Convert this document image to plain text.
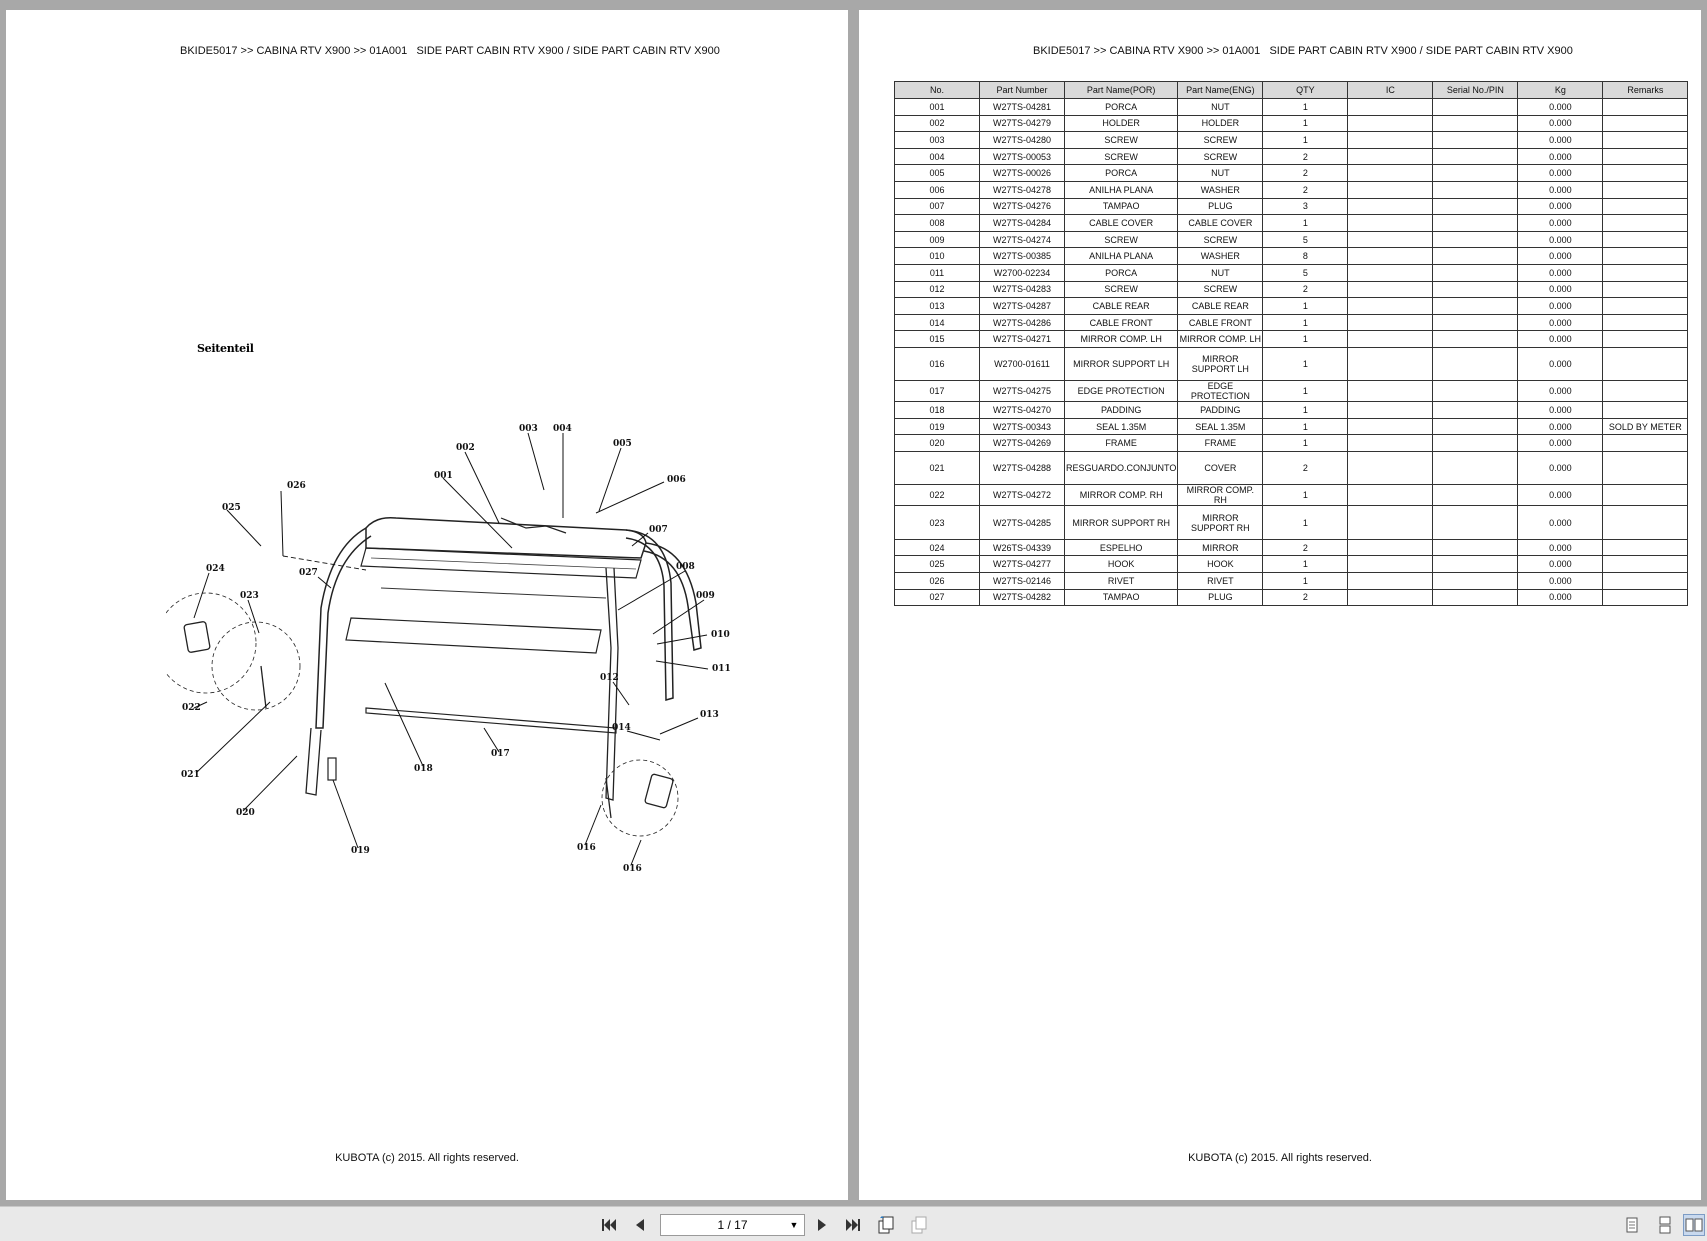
BKIDE5017 >> CABINA RTV X900 >> 01A001   SIDE PART CABIN RTV X900 / SIDE PART CABIN RTV X900
Seitenteil
001
002
003 004
005
006
007
008
009
010
011
012
013
014
016
016
017
018
019
020
021
022
023
024
025
026
027
KUBOTA (c) 2015. All rights reserved.
BKIDE5017 >> CABINA RTV X900 >> 01A001   SIDE PART CABIN RTV X900 / SIDE PART CABIN RTV X900
No.	Part Number	Part Name(POR)	Part Name(ENG)	QTY	IC	Serial No./PIN	Kg	Remarks
001	W27TS-04281	PORCA	NUT	1			0.000	
002	W27TS-04279	HOLDER	HOLDER	1			0.000	
003	W27TS-04280	SCREW	SCREW	1			0.000	
004	W27TS-00053	SCREW	SCREW	2			0.000	
005	W27TS-00026	PORCA	NUT	2			0.000	
006	W27TS-04278	ANILHA PLANA	WASHER	2			0.000	
007	W27TS-04276	TAMPAO	PLUG	3			0.000	
008	W27TS-04284	CABLE COVER	CABLE COVER	1			0.000	
009	W27TS-04274	SCREW	SCREW	5			0.000	
010	W27TS-00385	ANILHA PLANA	WASHER	8			0.000	
011	W2700-02234	PORCA	NUT	5			0.000	
012	W27TS-04283	SCREW	SCREW	2			0.000	
013	W27TS-04287	CABLE REAR	CABLE REAR	1			0.000	
014	W27TS-04286	CABLE FRONT	CABLE FRONT	1			0.000	
015	W27TS-04271	MIRROR COMP. LH	MIRROR COMP. LH	1			0.000	
016	W2700-01611	MIRROR SUPPORT LH	MIRROR SUPPORT LH	1			0.000	
017	W27TS-04275	EDGE PROTECTION	EDGE PROTECTION	1			0.000	
018	W27TS-04270	PADDING	PADDING	1			0.000	
019	W27TS-00343	SEAL 1.35M	SEAL 1.35M	1			0.000	SOLD BY METER
020	W27TS-04269	FRAME	FRAME	1			0.000	
021	W27TS-04288	RESGUARDO.CONJUNTO	COVER	2			0.000	
022	W27TS-04272	MIRROR COMP. RH	MIRROR COMP. RH	1			0.000	
023	W27TS-04285	MIRROR SUPPORT RH	MIRROR SUPPORT RH	1			0.000	
024	W26TS-04339	ESPELHO	MIRROR	2			0.000	
025	W27TS-04277	HOOK	HOOK	1			0.000	
026	W27TS-02146	RIVET	RIVET	1			0.000	
027	W27TS-04282	TAMPAO	PLUG	2			0.000	
KUBOTA (c) 2015. All rights reserved.
1 / 17	▼
